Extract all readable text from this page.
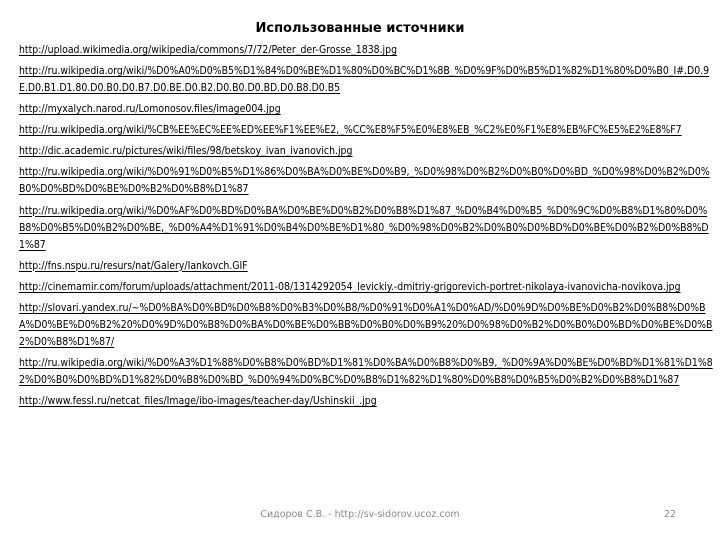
Использованные источники
http://upload.wikimedia.org/wikipedia/commons/7/72/Peter_der-Grosse_1838.jpg
http://ru.wikipedia.org/wiki/%D0%A0%D0%B5%D1%84%D0%BE%D1%80%D0%BC%D1%8B_%D0%9F%D0%B5%D1%82%D1%80%D0%B0_I#.D0.9E.D0.B1.D1.80.D0.B0.D0.B7.D0.BE.D0.B2.D0.B0.D0.BD.D0.B8.D0.B5
http://myxalych.narod.ru/Lomonosov.files/image004.jpg
http://ru.wikipedia.org/wiki/%CB%EE%EC%EE%ED%EE%F1%EE%E2,_%CC%E8%F5%E0%E8%EB_%C2%E0%F1%E8%EB%FC%E5%E2%E8%F7
http://dic.academic.ru/pictures/wiki/files/98/betskoy_ivan_ivanovich.jpg
http://ru.wikipedia.org/wiki/%D0%91%D0%B5%D1%86%D0%BA%D0%BE%D0%B9,_%D0%98%D0%B2%D0%B0%D0%BD_%D0%98%D0%B2%D0%B0%D0%BD%D0%BE%D0%B2%D0%B8%D1%87
http://ru.wikipedia.org/wiki/%D0%AF%D0%BD%D0%BA%D0%BE%D0%B2%D0%B8%D1%87_%D0%B4%D0%B5_%D0%9C%D0%B8%D1%80%D0%B8%D0%B5%D0%B2%D0%BE,_%D0%A4%D1%91%D0%B4%D0%BE%D1%80_%D0%98%D0%B2%D0%B0%D0%BD%D0%BE%D0%B2%D0%B8%D1%87
http://fns.nspu.ru/resurs/nat/Galery/Iankovch.GIF
http://cinemamir.com/forum/uploads/attachment/2011-08/1314292054_levickiy.-dmitriy-grigorevich-portret-nikolaya-ivanovicha-novikova.jpg
http://slovari.yandex.ru/~%D0%BA%D0%BD%D0%B8%D0%B3%D0%B8/%D0%91%D0%A1%D0%AD/%D0%9D%D0%BE%D0%B2%D0%B8%D0%BA%D0%BE%D0%B2%20%D0%9D%D0%B8%D0%BA%D0%BE%D0%BB%D0%B0%D0%B9%20%D0%98%D0%B2%D0%B0%D0%BD%D0%BE%D0%B2%D0%B8%D1%87/
http://ru.wikipedia.org/wiki/%D0%A3%D1%88%D0%B8%D0%BD%D1%81%D0%BA%D0%B8%D0%B9,_%D0%9A%D0%BE%D0%BD%D1%81%D1%82%D0%B0%D0%BD%D1%82%D0%B8%D0%BD_%D0%94%D0%BC%D0%B8%D1%82%D1%80%D0%B8%D0%B5%D0%B2%D0%B8%D1%87
http://www.fessl.ru/netcat_files/Image/ibo-images/teacher-day/Ushinskii_.jpg
Сидоров С.В. - http://sv-sidorov.ucoz.com	22
